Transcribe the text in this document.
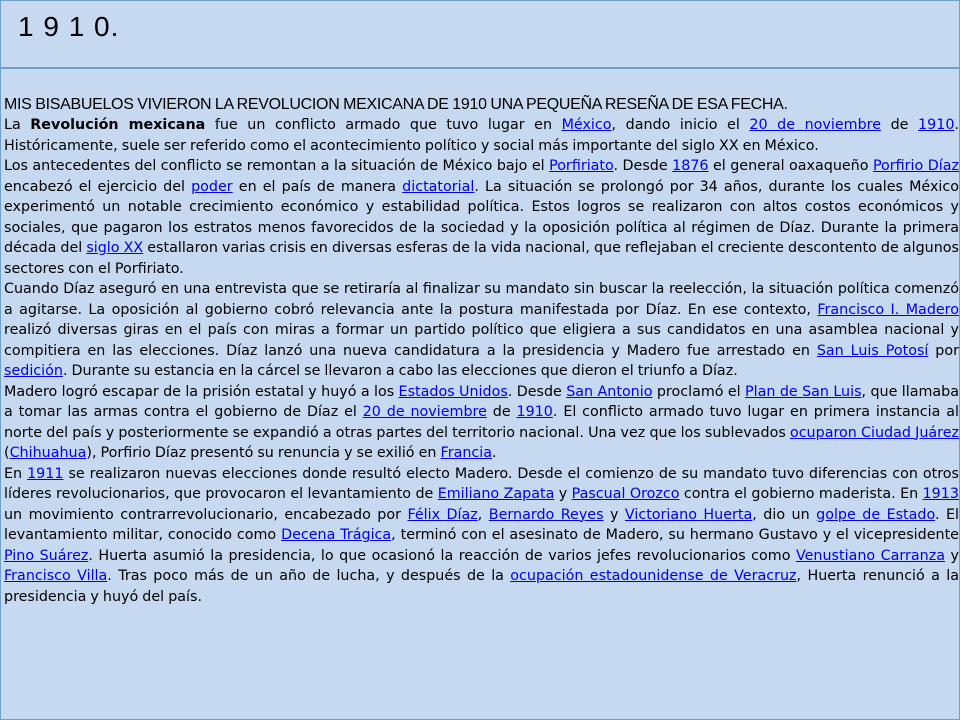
1 9 1 0.

MIS BISABUELOS VIVIERON LA REVOLUCION MEXICANA DE 1910 UNA PEQUEÑA RESEÑA DE ESA FECHA.

La Revolución mexicana fue un conflicto armado que tuvo lugar en México, dando inicio el 20 de noviembre de 1910. Históricamente, suele ser referido como el acontecimiento político y social más importante del siglo XX en México.

Los antecedentes del conflicto se remontan a la situación de México bajo el Porfiriato. Desde 1876 el general oaxaqueño Porfirio Díaz encabezó el ejercicio del poder en el país de manera dictatorial. La situación se prolongó por 34 años, durante los cuales México experimentó un notable crecimiento económico y estabilidad política. Estos logros se realizaron con altos costos económicos y sociales, que pagaron los estratos menos favorecidos de la sociedad y la oposición política al régimen de Díaz. Durante la primera década del siglo XX estallaron varias crisis en diversas esferas de la vida nacional, que reflejaban el creciente descontento de algunos sectores con el Porfiriato.

Cuando Díaz aseguró en una entrevista que se retiraría al finalizar su mandato sin buscar la reelección, la situación política comenzó a agitarse. La oposición al gobierno cobró relevancia ante la postura manifestada por Díaz. En ese contexto, Francisco I. Madero realizó diversas giras en el país con miras a formar un partido político que eligiera a sus candidatos en una asamblea nacional y compitiera en las elecciones. Díaz lanzó una nueva candidatura a la presidencia y Madero fue arrestado en San Luis Potosí por sedición. Durante su estancia en la cárcel se llevaron a cabo las elecciones que dieron el triunfo a Díaz.

Madero logró escapar de la prisión estatal y huyó a los Estados Unidos. Desde San Antonio proclamó el Plan de San Luis, que llamaba a tomar las armas contra el gobierno de Díaz el 20 de noviembre de 1910. El conflicto armado tuvo lugar en primera instancia al norte del país y posteriormente se expandió a otras partes del territorio nacional. Una vez que los sublevados ocuparon Ciudad Juárez (Chihuahua), Porfirio Díaz presentó su renuncia y se exilió en Francia.

En 1911 se realizaron nuevas elecciones donde resultó electo Madero. Desde el comienzo de su mandato tuvo diferencias con otros líderes revolucionarios, que provocaron el levantamiento de Emiliano Zapata y Pascual Orozco contra el gobierno maderista. En 1913 un movimiento contrarrevolucionario, encabezado por Félix Díaz, Bernardo Reyes y Victoriano Huerta, dio un golpe de Estado. El levantamiento militar, conocido como Decena Trágica, terminó con el asesinato de Madero, su hermano Gustavo y el vicepresidente Pino Suárez. Huerta asumió la presidencia, lo que ocasionó la reacción de varios jefes revolucionarios como Venustiano Carranza y Francisco Villa. Tras poco más de un año de lucha, y después de la ocupación estadounidense de Veracruz, Huerta renunció a la presidencia y huyó del país.
